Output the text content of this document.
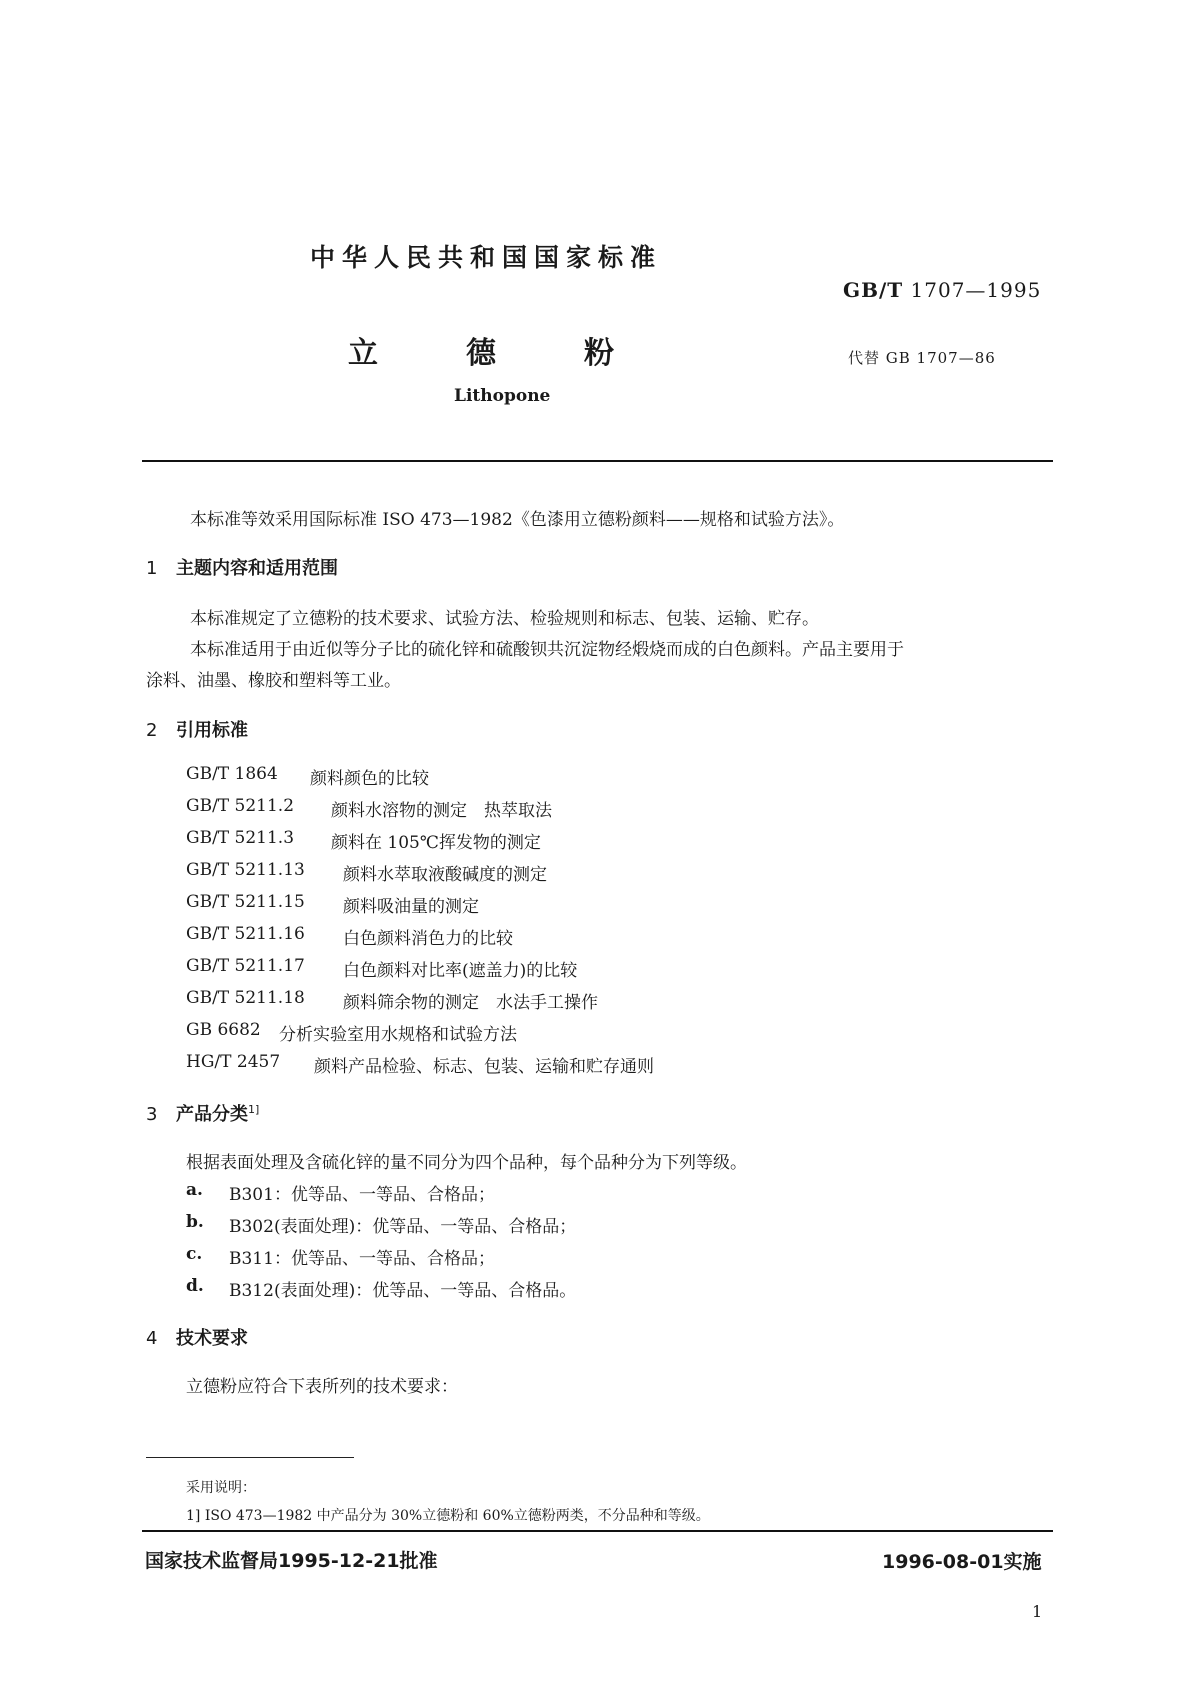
中华人民共和国国家标准
GB/T 1707—1995
立	德	粉	代替 GB 1707—86
Lithopone
本标准等效采用国际标准 ISO 473—1982《色漆用立德粉颜料——规格和试验方法》。
1 主题内容和适用范围
本标准规定了立德粉的技术要求、试验方法、检验规则和标志、包装、运输、贮存。
本标准适用于由近似等分子比的硫化锌和硫酸钡共沉淀物经煅烧而成的白色颜料。产品主要用于
涂料、油墨、橡胶和塑料等工业。
2 引用标准
GB/T 1864 颜料颜色的比较
GB/T 5211.2 颜料水溶物的测定　热萃取法
GB/T 5211.3 颜料在 105℃挥发物的测定
GB/T 5211.13 颜料水萃取液酸碱度的测定
GB/T 5211.15 颜料吸油量的测定
GB/T 5211.16 白色颜料消色力的比较
GB/T 5211.17 白色颜料对比率(遮盖力)的比较
GB/T 5211.18 颜料筛余物的测定　水法手工操作
GB 6682 分析实验室用水规格和试验方法
HG/T 2457 颜料产品检验、标志、包装、运输和贮存通则
3 产品分类$^{1]}$
根据表面处理及含硫化锌的量不同分为四个品种，每个品种分为下列等级。
a. B301：优等品、一等品、合格品；
b. B302(表面处理)：优等品、一等品、合格品；
c. B311：优等品、一等品、合格品；
d. B312(表面处理)：优等品、一等品、合格品。
4 技术要求
立德粉应符合下表所列的技术要求：
采用说明：
1] ISO 473—1982 中产品分为 30%立德粉和 60%立德粉两类，不分品种和等级。
国家技术监督局1995-12-21批准	1996-08-01实施
1
